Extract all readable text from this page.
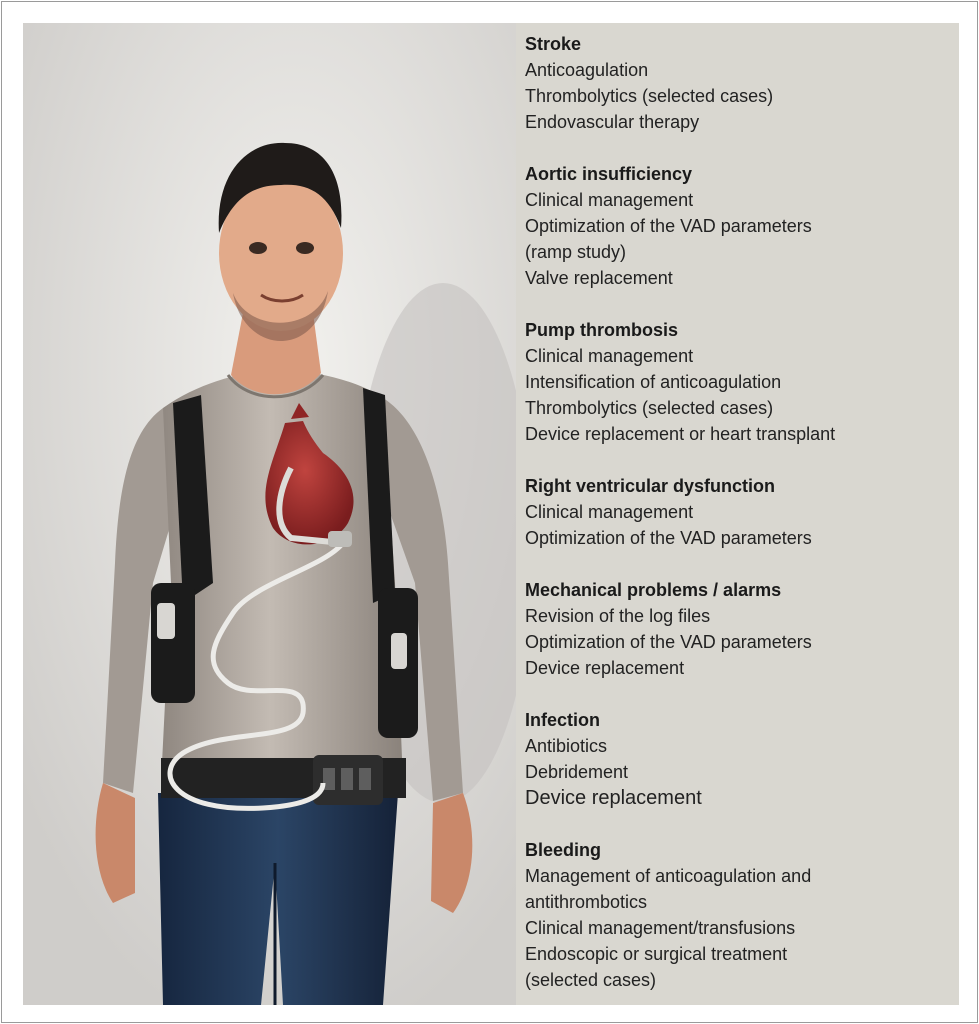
Stroke
Anticoagulation
Thrombolytics (selected cases)
Endovascular therapy
Aortic insufficiency
Clinical management
Optimization of the VAD parameters
(ramp study)
Valve replacement
Pump thrombosis
Clinical management
Intensification of anticoagulation
Thrombolytics (selected cases)
Device replacement or heart transplant
Right ventricular dysfunction
Clinical management
Optimization of the VAD parameters
Mechanical problems / alarms
Revision of the log files
Optimization of the VAD parameters
Device replacement
Infection
Antibiotics
Debridement
Device replacement
Bleeding
Management of anticoagulation and
antithrombotics
Clinical management/transfusions
Endoscopic or surgical treatment
(selected cases)
